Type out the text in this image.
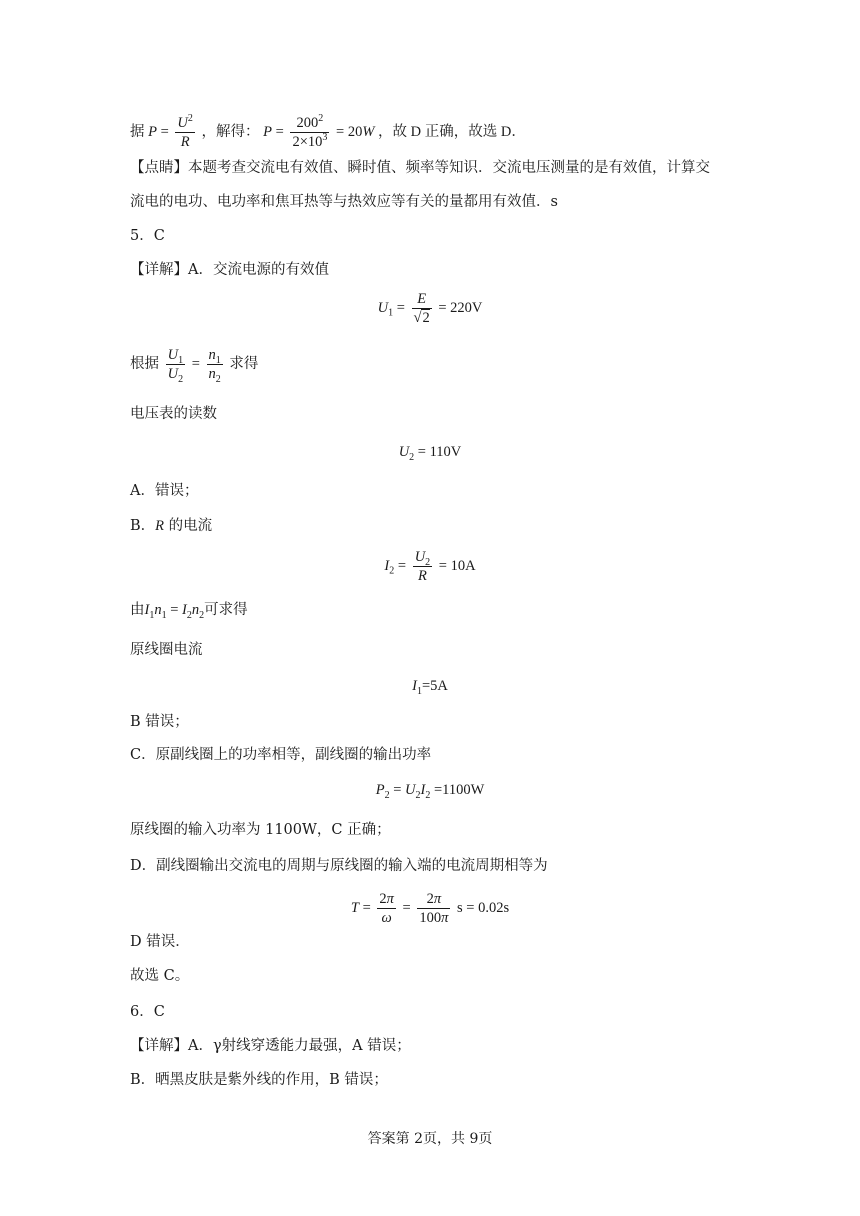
据 $P = \frac{U^2}{R}$ ，解得： $P = \frac{200^2}{2\times 10^3} = 20W$ ，故 D 正确，故选 D．
【点睛】本题考查交流电有效值、瞬时值、频率等知识．交流电压测量的是有效值，计算交
流电的电功、电功率和焦耳热等与热效应等有关的量都用有效值．s
5．C
【详解】A．交流电源的有效值
$U_1 = \frac{E}{√2} = 220V$
根据 $\frac{U_1}{U_2} = \frac{n_1}{n_2}$ 求得
电压表的读数
$U_2 = 110V$
A．错误；
B．R 的电流
$I_2 = \frac{U_2}{R} = 10A$
由$I_1n_1 = I_2n_2$可求得
原线圈电流
$I_1=5A$
B 错误；
C．原副线圈上的功率相等，副线圈的输出功率
$P_2 = U_2I_2 =1100W$
原线圈的输入功率为 1100W，C 正确；
D．副线圈输出交流电的周期与原线圈的输入端的电流周期相等为
$T = \frac{2\pi}{\omega} = \frac{2\pi}{100\pi}$ s = 0.02s
D 错误．
故选 C。
6．C
【详解】A．γ射线穿透能力最强，A 错误；
B．晒黑皮肤是紫外线的作用，B 错误；
答案第 2页，共 9页
